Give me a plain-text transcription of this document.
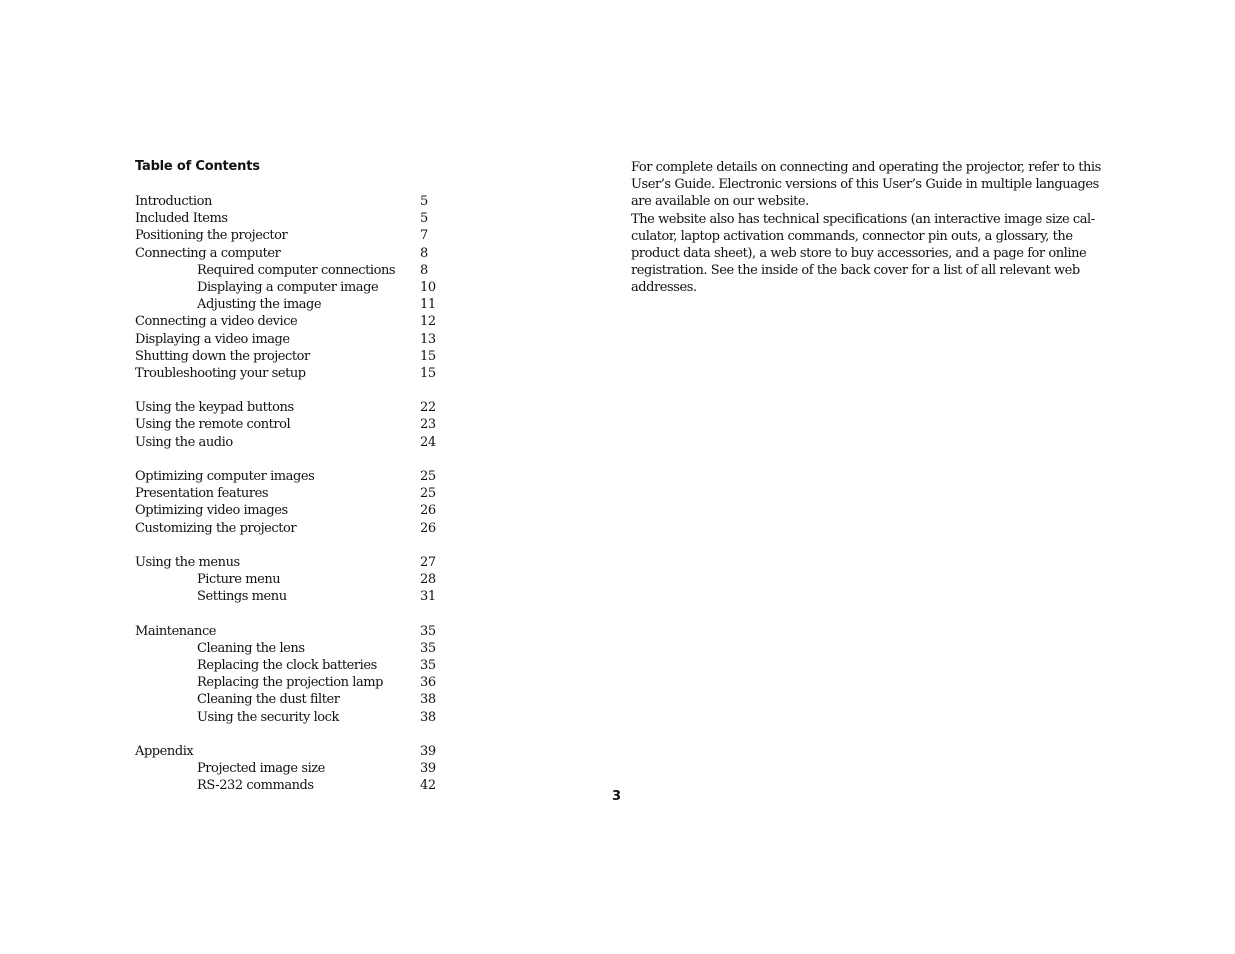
Table of Contents
Introduction	5
Included Items	5
Positioning the projector	7
Connecting a computer	8
Required computer connections 8
Displaying a computer image	10
Adjusting the image	11
Connecting a video device	12
Displaying a video image	13
Shutting down the projector	15
Troubleshooting your setup	15
Using the keypad buttons	22
Using the remote control	23
Using the audio	24
Optimizing computer images	25
Presentation features	25
Optimizing video images	26
Customizing the projector	26
Using the menus	27
Picture menu	28
Settings menu	31
Maintenance	35
Cleaning the lens	35
Replacing the clock batteries	35
Replacing the projection lamp	36
Cleaning the dust filter	38
Using the security lock	38
Appendix	39
Projected image size	39
RS-232 commands	42

For complete details on connecting and operating the projector, refer to this
User’s Guide. Electronic versions of this User’s Guide in multiple languages
are available on our website.

The website also has technical specifications (an interactive image size cal-
culator, laptop activation commands, connector pin outs, a glossary, the
product data sheet), a web store to buy accessories, and a page for online
registration. See the inside of the back cover for a list of all relevant web
addresses.

3
